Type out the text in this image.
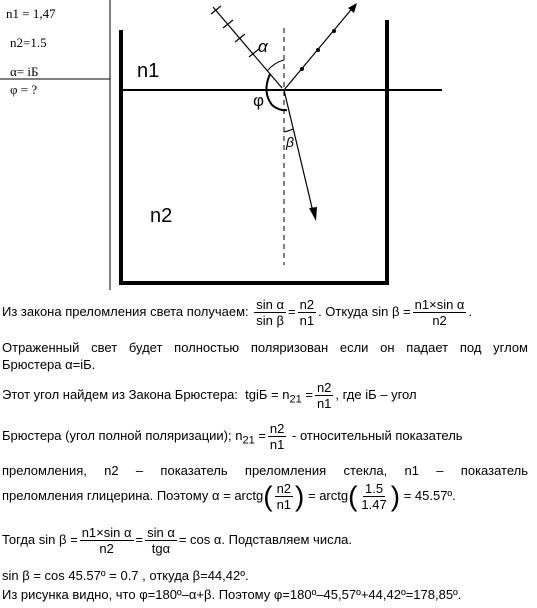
n1 = 1,47
n2=1.5
α= iБ
φ = ?
n1
n2
α
φ
β
Из закона преломления света получаем: $\frac{\text{sin α}}{\text{sin β}} = \frac{n2}{n1}$ . Откуда $\sin \beta = \frac{\text{n1×sin α}}{n2}$ .
Отраженный свет будет полностью поляризован если он падает под углом
Брюстера α=iБ.
Этот угол найдем из Закона Брюстера: tgiБ = $n_{21} = \frac{n2}{n1}$ , где iБ – угол
Брюстера (угол полной поляризации); $n_{21} = \frac{n2}{n1}$ - относительный показатель
преломления, n2 – показатель преломления стекла, n1 – показатель
преломления глицерина. Поэтому α = arctg( $\frac{n2}{n1}$ ) = arctg( $\frac{1.5}{1.47}$ ) = 45.57º.
Тогда $\sin \beta = \frac{\text{n1×sin α}}{n2} = \frac{\text{sin α}}{\text{tgα}} = \cos \alpha$. Подставляем числа.
sin β = cos 45.57º = 0.7 , откуда β=44,42º.
Из рисунка видно, что φ=180º–α+β. Поэтому φ=180º–45,57º+44,42º=178,85º.
